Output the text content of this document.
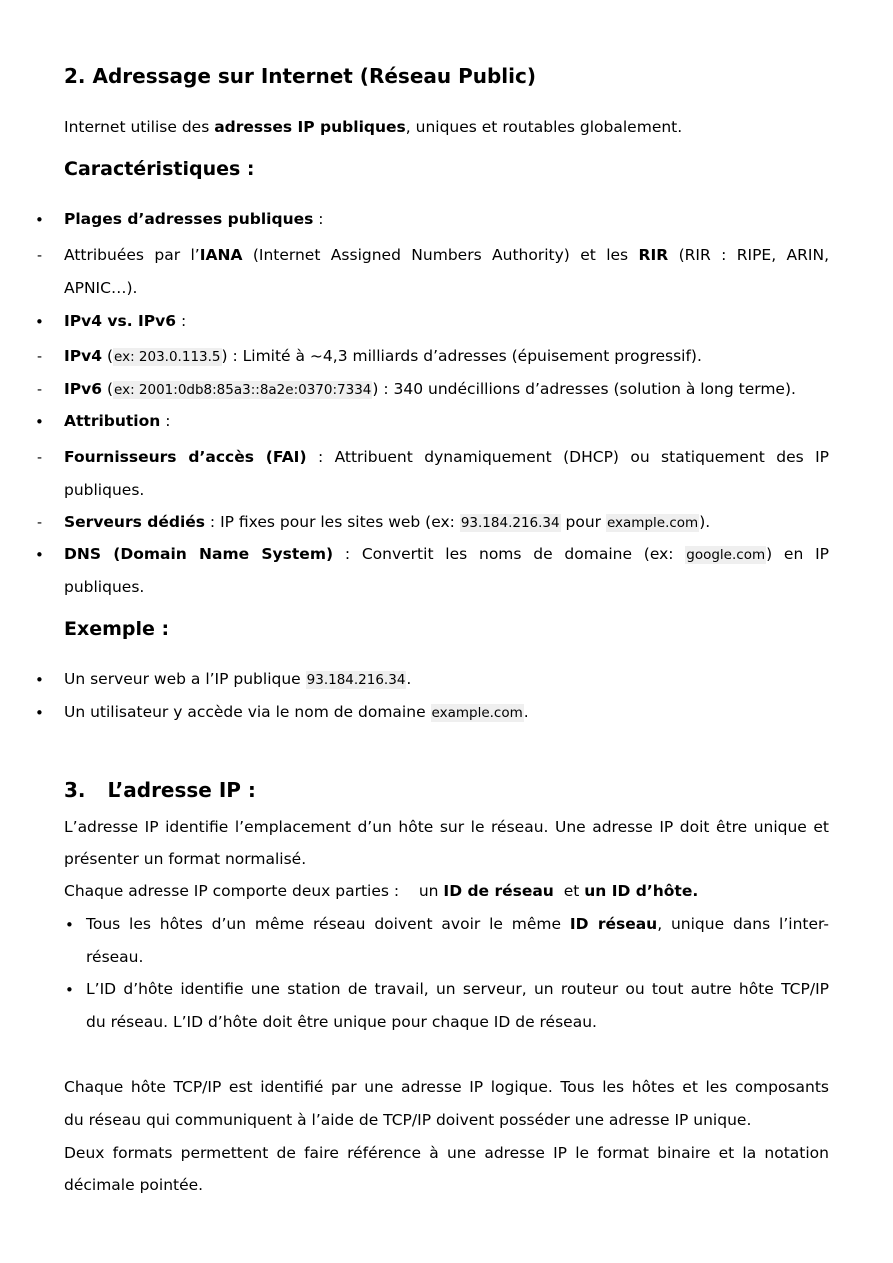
2. Adressage sur Internet (Réseau Public)
Internet utilise des adresses IP publiques, uniques et routables globalement.
Caractéristiques :
• Plages d’adresses publiques :
- Attribuées par l’IANA (Internet Assigned Numbers Authority) et les RIR (RIR : RIPE, ARIN,
APNIC…).
• IPv4 vs. IPv6 :
- IPv4 (ex: 203.0.113.5) : Limité à ~4,3 milliards d’adresses (épuisement progressif).
- IPv6 (ex: 2001:0db8:85a3::8a2e:0370:7334) : 340 undécillions d’adresses (solution à long terme).
• Attribution :
- Fournisseurs d’accès (FAI) : Attribuent dynamiquement (DHCP) ou statiquement des IP
publiques.
- Serveurs dédiés : IP fixes pour les sites web (ex: 93.184.216.34 pour example.com).
• DNS (Domain Name System) : Convertit les noms de domaine (ex: google.com) en IP
publiques.
Exemple :
• Un serveur web a l’IP publique 93.184.216.34.
• Un utilisateur y accède via le nom de domaine example.com.
3. L’adresse IP :
L’adresse IP identifie l’emplacement d’un hôte sur le réseau. Une adresse IP doit être unique et
présenter un format normalisé.
Chaque adresse IP comporte deux parties :    un ID de réseau  et un ID d’hôte.
• Tous les hôtes d’un même réseau doivent avoir le même ID réseau, unique dans l’inter-
réseau.
• L’ID d’hôte identifie une station de travail, un serveur, un routeur ou tout autre hôte TCP/IP
du réseau. L’ID d’hôte doit être unique pour chaque ID de réseau.
Chaque hôte TCP/IP est identifié par une adresse IP logique. Tous les hôtes et les composants
du réseau qui communiquent à l’aide de TCP/IP doivent posséder une adresse IP unique.
Deux formats permettent de faire référence à une adresse IP le format binaire et la notation
décimale pointée.
